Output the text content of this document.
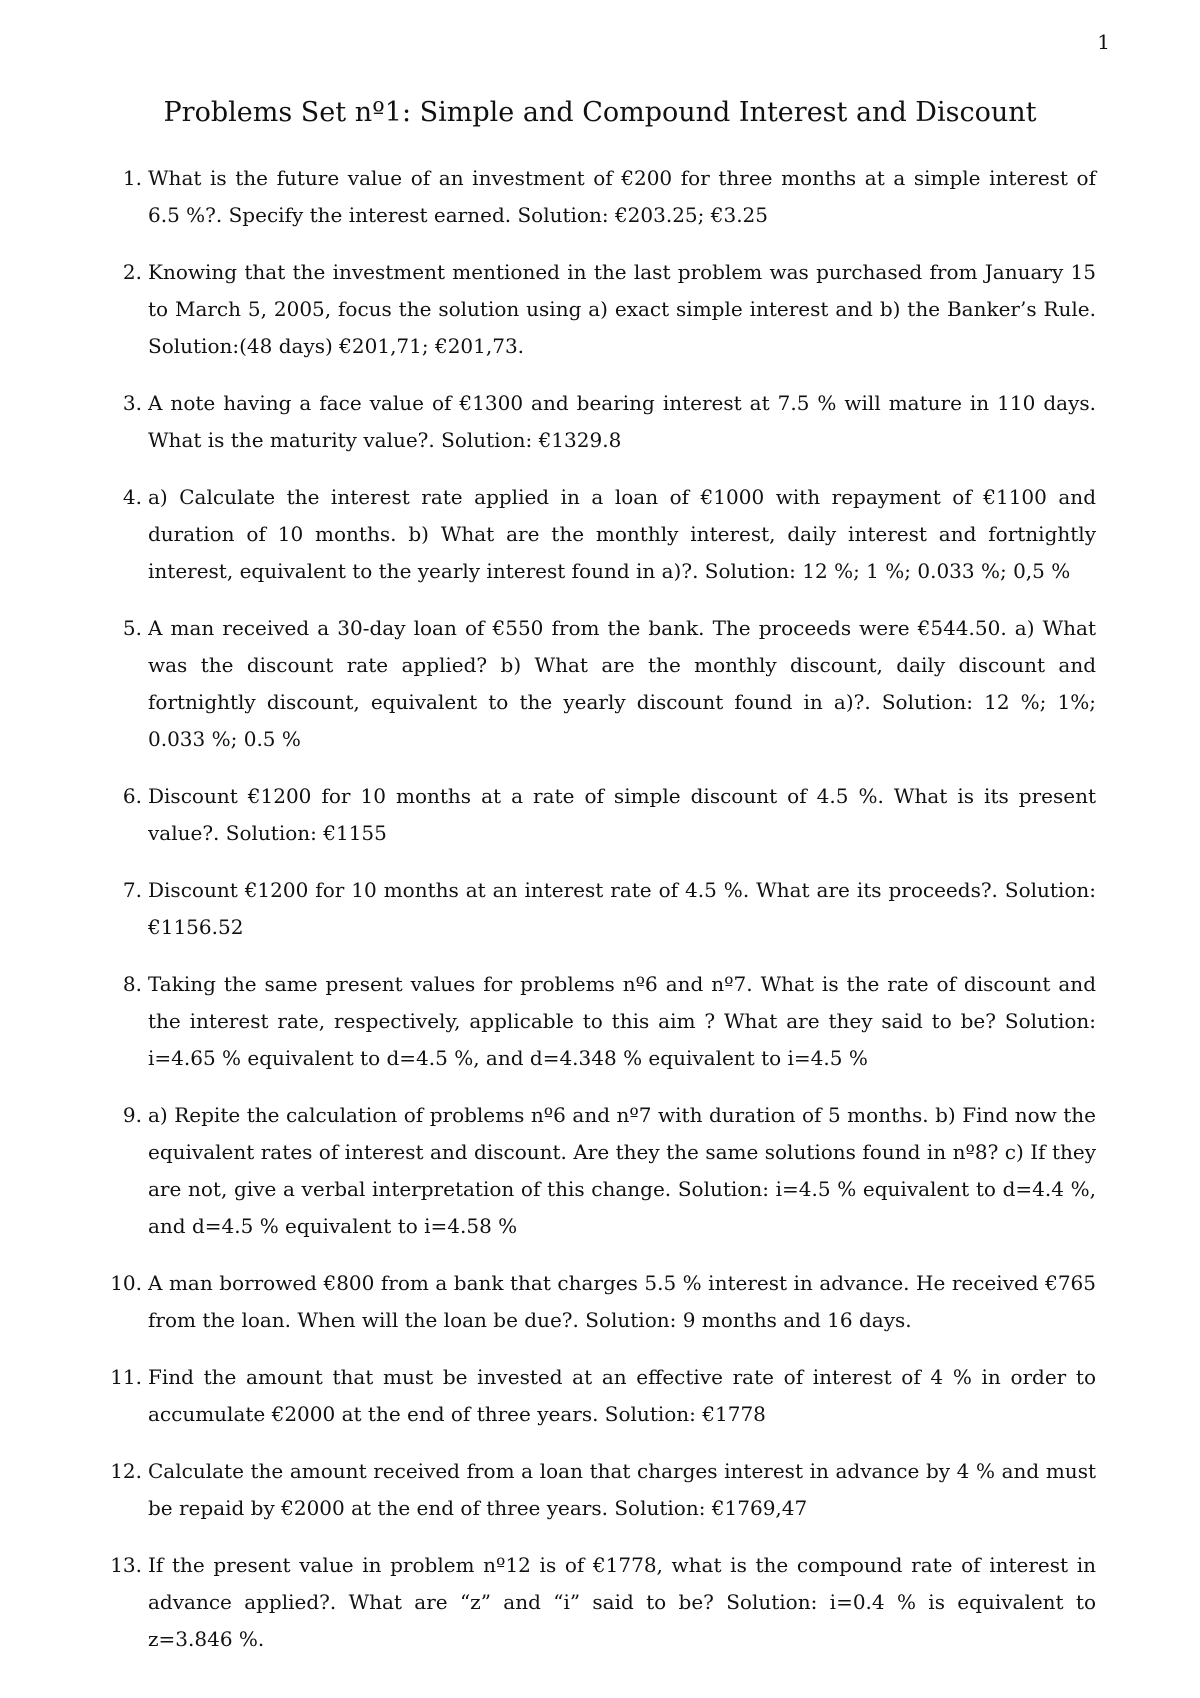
1
Problems Set nº1: Simple and Compound Interest and Discount
1. What is the future value of an investment of €200 for three months at a simple interest of 6.5 %?. Specify the interest earned. Solution: €203.25; €3.25
2. Knowing that the investment mentioned in the last problem was purchased from January 15 to March 5, 2005, focus the solution using a) exact simple interest and b) the Banker’s Rule. Solution:(48 days) €201,71; €201,73.
3. A note having a face value of €1300 and bearing interest at 7.5 % will mature in 110 days. What is the maturity value?. Solution: €1329.8
4. a) Calculate the interest rate applied in a loan of €1000 with repayment of €1100 and duration of 10 months. b) What are the monthly interest, daily interest and fortnightly interest, equivalent to the yearly interest found in a)?. Solution: 12 %; 1 %; 0.033 %; 0,5 %
5. A man received a 30-day loan of €550 from the bank. The proceeds were €544.50. a) What was the discount rate applied? b) What are the monthly discount, daily discount and fortnightly discount, equivalent to the yearly discount found in a)?. Solution: 12 %; 1%; 0.033 %; 0.5 %
6. Discount €1200 for 10 months at a rate of simple discount of 4.5 %. What is its present value?. Solution: €1155
7. Discount €1200 for 10 months at an interest rate of 4.5 %. What are its proceeds?. Solution: €1156.52
8. Taking the same present values for problems nº6 and nº7. What is the rate of discount and the interest rate, respectively, applicable to this aim ? What are they said to be? Solution: i=4.65 % equivalent to d=4.5 %, and d=4.348 % equivalent to i=4.5 %
9. a) Repite the calculation of problems nº6 and nº7 with duration of 5 months. b) Find now the equivalent rates of interest and discount. Are they the same solutions found in nº8? c) If they are not, give a verbal interpretation of this change. Solution: i=4.5 % equivalent to d=4.4 %, and d=4.5 % equivalent to i=4.58 %
10. A man borrowed €800 from a bank that charges 5.5 % interest in advance. He received €765 from the loan. When will the loan be due?. Solution: 9 months and 16 days.
11. Find the amount that must be invested at an effective rate of interest of 4 % in order to accumulate €2000 at the end of three years. Solution: €1778
12. Calculate the amount received from a loan that charges interest in advance by 4 % and must be repaid by €2000 at the end of three years. Solution: €1769,47
13. If the present value in problem nº12 is of €1778, what is the compound rate of interest in advance applied?. What are “z” and “i” said to be? Solution: i=0.4 % is equivalent to z=3.846 %.
